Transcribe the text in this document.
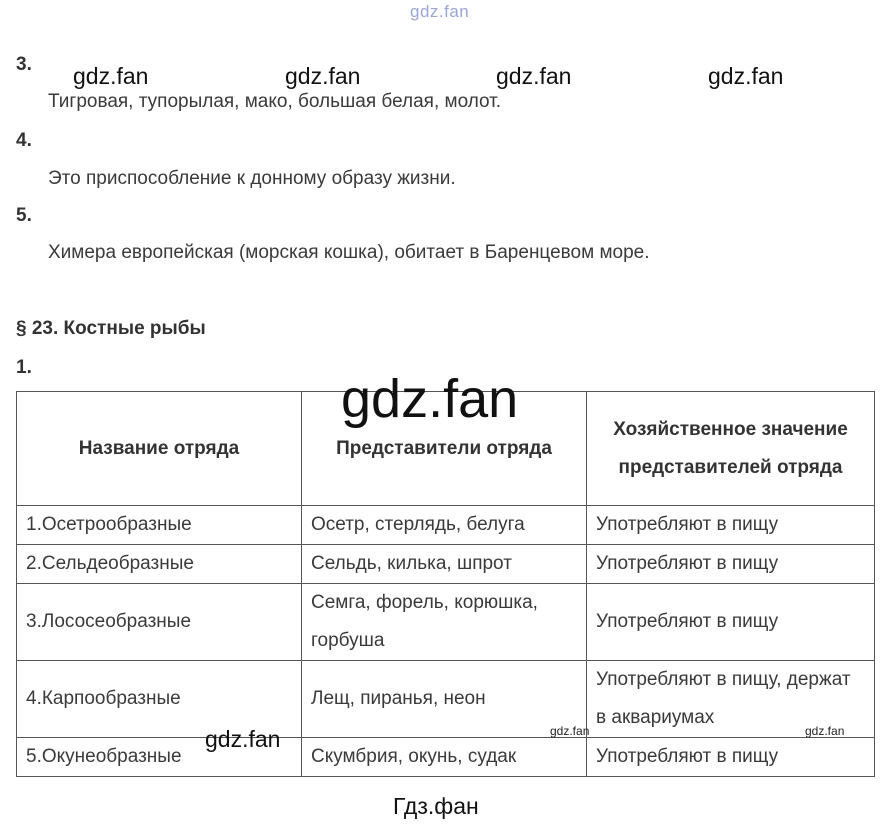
gdz.fan
3. gdz.fan	gdz.fan	gdz.fan	gdz.fan
Тигровая, тупорылая, мако, большая белая, молот.
4.
Это приспособление к донному образу жизни.
5.
Химера европейская (морская кошка), обитает в Баренцевом море.
§ 23. Костные рыбы
1.
Название отряда	Представители отряда	Хозяйственное значение представителей отряда
1.Осетрообразные	Осетр, стерлядь, белуга	Употребляют в пищу
2.Сельдеобразные	Сельдь, килька, шпрот	Употребляют в пищу
3.Лососеобразные	Семга, форель, корюшка, горбуша	Употребляют в пищу
4.Карпообразные	Лещ, пиранья, неон	Употребляют в пищу, держат в аквариумах
5.Окунеобразные	Скумбрия, окунь, судак	Употребляют в пищу
gdz.fan
gdz.fan	gdz.fan	gdz.fan
Гдз.фан
